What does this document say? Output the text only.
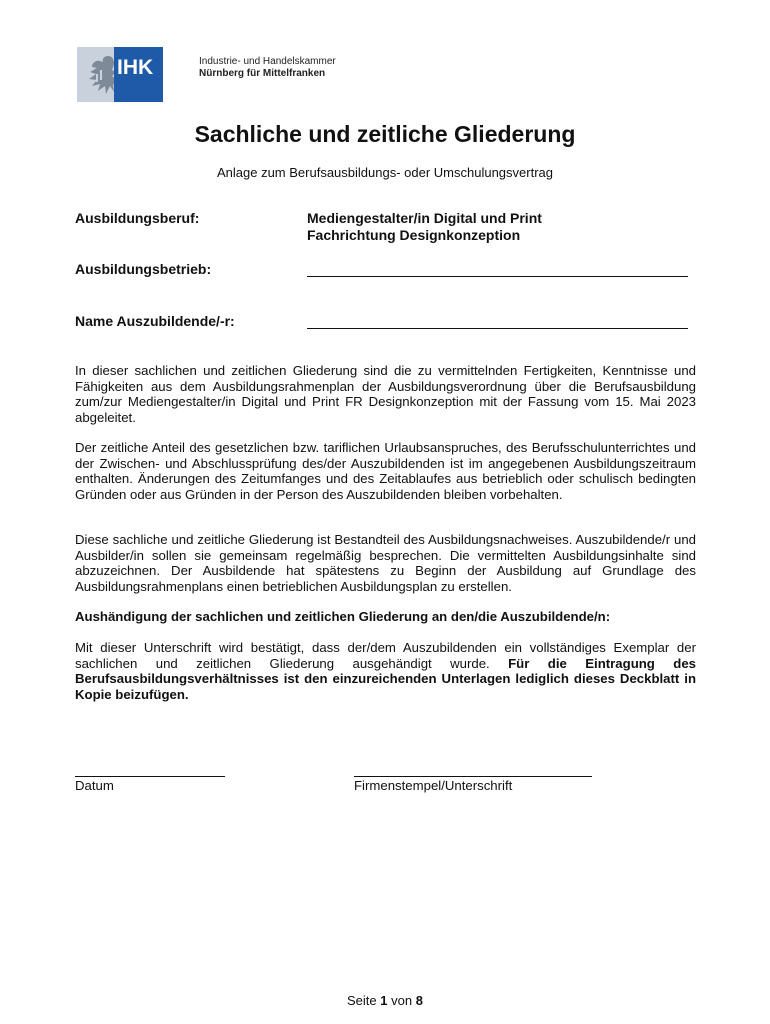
IHK	Industrie- und Handelskammer
Nürnberg für Mittelfranken
Sachliche und zeitliche Gliederung
Anlage zum Berufsausbildungs- oder Umschulungsvertrag
Ausbildungsberuf:	Mediengestalter/in Digital und Print
Fachrichtung Designkonzeption
Ausbildungsbetrieb:
Name Auszubildende/-r:
In dieser sachlichen und zeitlichen Gliederung sind die zu vermittelnden Fertigkeiten, Kenntnisse und Fähigkeiten aus dem Ausbildungsrahmenplan der Ausbildungsverordnung über die Berufsausbildung zum/zur Mediengestalter/in Digital und Print FR Designkonzeption mit der Fassung vom 15. Mai 2023 abgeleitet.
Der zeitliche Anteil des gesetzlichen bzw. tariflichen Urlaubsanspruches, des Berufsschulunterrichtes und der Zwischen- und Abschlussprüfung des/der Auszubildenden ist im angegebenen Ausbildungszeitraum enthalten. Änderungen des Zeitumfanges und des Zeitablaufes aus betrieblich oder schulisch bedingten Gründen oder aus Gründen in der Person des Auszubildenden bleiben vorbehalten.
Diese sachliche und zeitliche Gliederung ist Bestandteil des Ausbildungsnachweises. Auszubildende/r und Ausbilder/in sollen sie gemeinsam regelmäßig besprechen. Die vermittelten Ausbildungsinhalte sind abzuzeichnen. Der Ausbildende hat spätestens zu Beginn der Ausbildung auf Grundlage des Ausbildungsrahmenplans einen betrieblichen Ausbildungsplan zu erstellen.
Aushändigung der sachlichen und zeitlichen Gliederung an den/die Auszubildende/n:
Mit dieser Unterschrift wird bestätigt, dass der/dem Auszubildenden ein vollständiges Exemplar der sachlichen und zeitlichen Gliederung ausgehändigt wurde. Für die Eintragung des Berufsausbildungsverhältnisses ist den einzureichenden Unterlagen lediglich dieses Deckblatt in Kopie beizufügen.
Datum	Firmenstempel/Unterschrift
Seite 1 von 8
